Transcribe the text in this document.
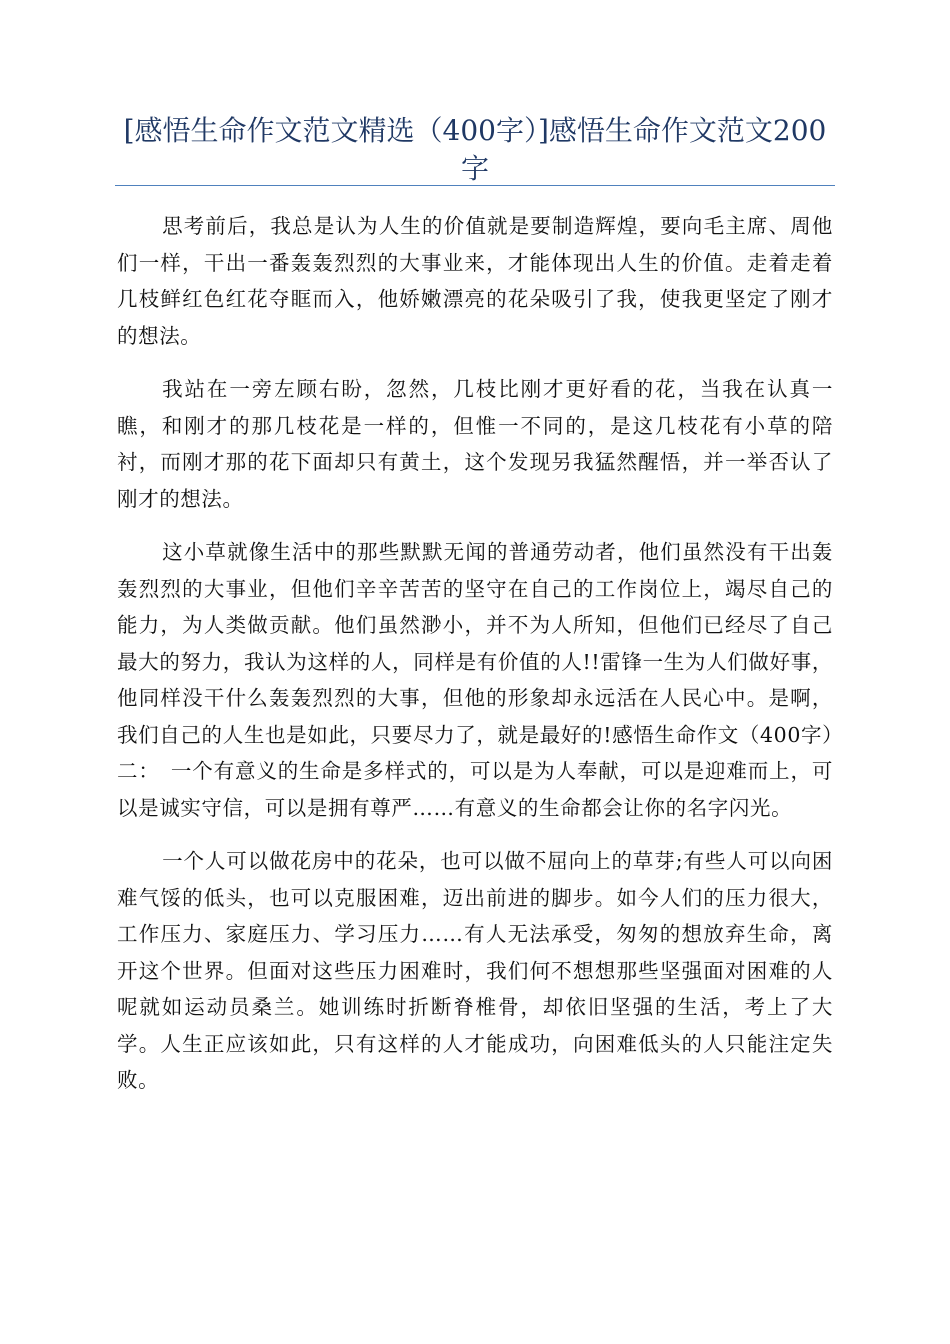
[感悟生命作文范文精选（400字）]感悟生命作文范文200字

思考前后，我总是认为人生的价值就是要制造辉煌，要向毛主席、周他们一样，干出一番轰轰烈烈的大事业来，才能体现出人生的价值。走着走着几枝鲜红色红花夺眶而入，他娇嫩漂亮的花朵吸引了我，使我更坚定了刚才的想法。

我站在一旁左顾右盼，忽然，几枝比刚才更好看的花，当我在认真一瞧，和刚才的那几枝花是一样的，但惟一不同的，是这几枝花有小草的陪衬，而刚才那的花下面却只有黄土，这个发现另我猛然醒悟，并一举否认了刚才的想法。

这小草就像生活中的那些默默无闻的普通劳动者，他们虽然没有干出轰轰烈烈的大事业，但他们辛辛苦苦的坚守在自己的工作岗位上，竭尽自己的能力，为人类做贡献。他们虽然渺小，并不为人所知，但他们已经尽了自己最大的努力，我认为这样的人，同样是有价值的人!!雷锋一生为人们做好事，他同样没干什么轰轰烈烈的大事，但他的形象却永远活在人民心中。是啊，我们自己的人生也是如此，只要尽力了，就是最好的!感悟生命作文（400字）二：　一个有意义的生命是多样式的，可以是为人奉献，可以是迎难而上，可以是诚实守信，可以是拥有尊严……有意义的生命都会让你的名字闪光。

一个人可以做花房中的花朵，也可以做不屈向上的草芽;有些人可以向困难气馁的低头，也可以克服困难，迈出前进的脚步。如今人们的压力很大，工作压力、家庭压力、学习压力……有人无法承受，匆匆的想放弃生命，离开这个世界。但面对这些压力困难时，我们何不想想那些坚强面对困难的人呢就如运动员桑兰。她训练时折断脊椎骨，却依旧坚强的生活，考上了大学。人生正应该如此，只有这样的人才能成功，向困难低头的人只能注定失败。
